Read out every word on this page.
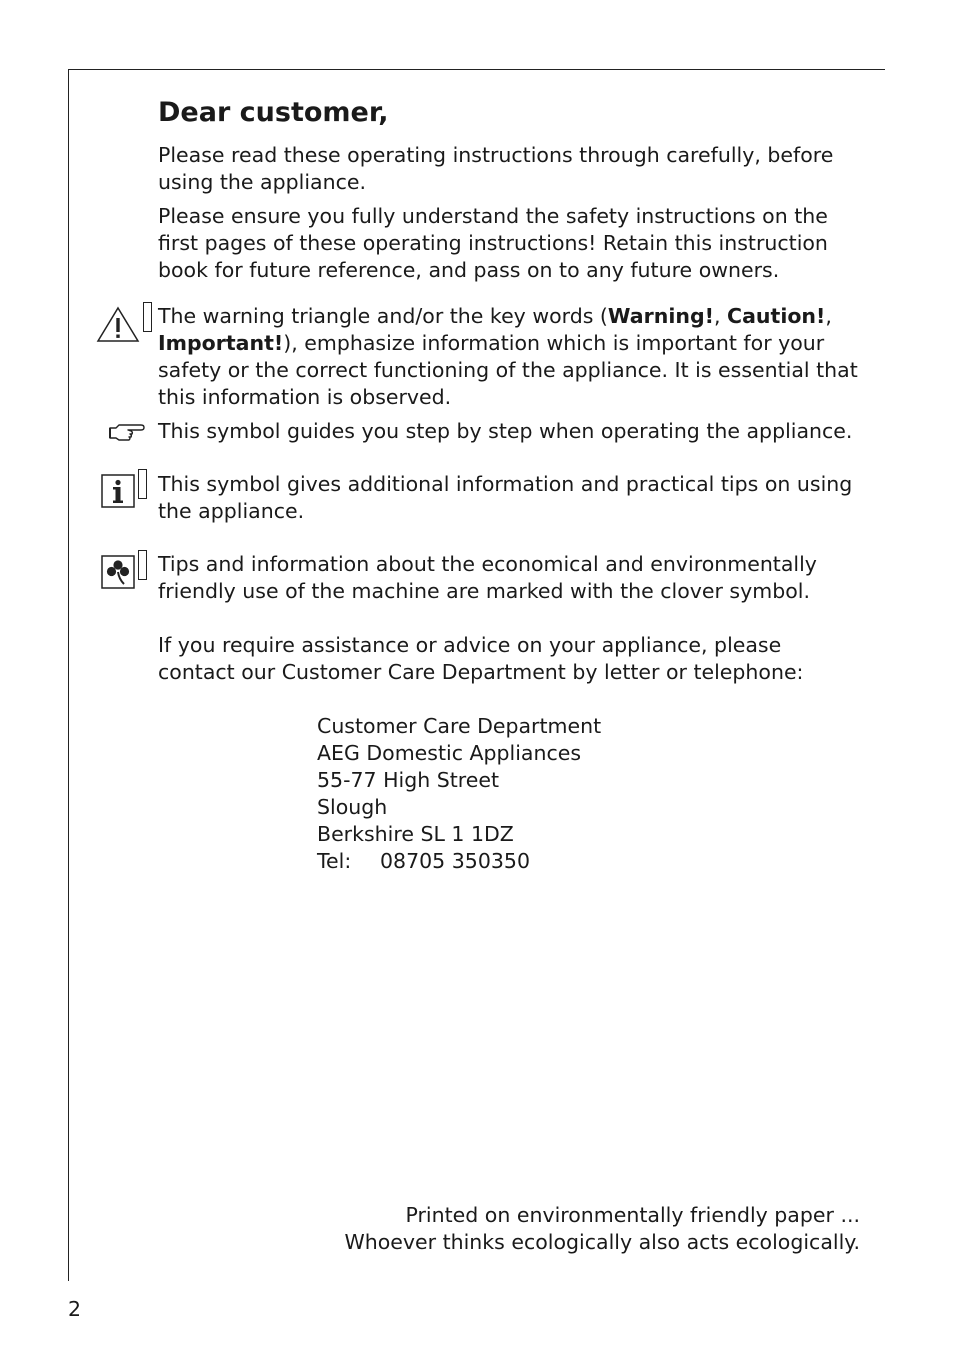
Dear customer,
Please read these operating instructions through carefully, before using the appliance.
Please ensure you fully understand the safety instructions on the first pages of these operating instructions! Retain this instruction book for future reference, and pass on to any future owners.
The warning triangle and/or the key words (Warning!, Caution!, Important!), emphasize information which is important for your safety or the correct functioning of the appliance. It is essential that this information is observed.
This symbol guides you step by step when operating the appliance.
This symbol gives additional information and practical tips on using the appliance.
Tips and information about the economical and environmentally friendly use of the machine are marked with the clover symbol.
If you require assistance or advice on your appliance, please contact our Customer Care Department by letter or telephone:
Customer Care Department
AEG Domestic Appliances
55-77 High Street
Slough
Berkshire SL 1 1DZ
Tel: 08705 350350
Printed on environmentally friendly paper ...
Whoever thinks ecologically also acts ecologically.
2
